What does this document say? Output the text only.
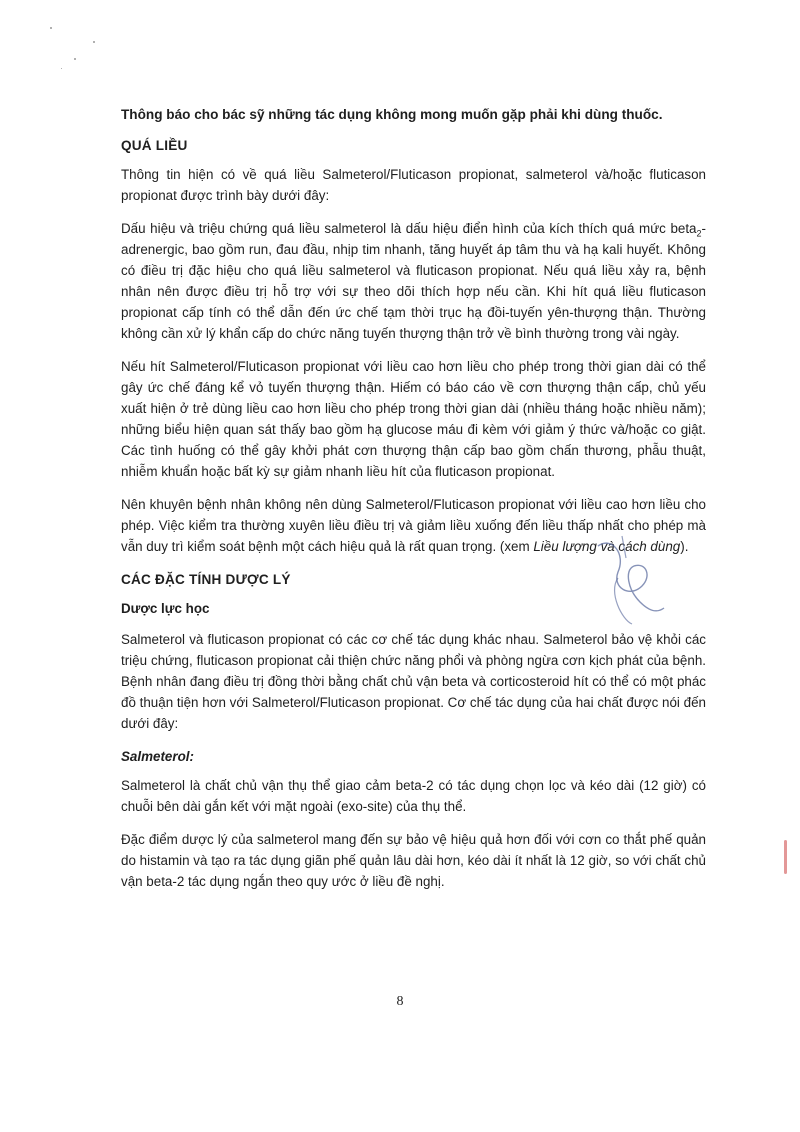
Thông báo cho bác sỹ những tác dụng không mong muốn gặp phải khi dùng thuốc.

QUÁ LIỀU

Thông tin hiện có về quá liều Salmeterol/Fluticason propionat, salmeterol và/hoặc fluticason propionat được trình bày dưới đây:

Dấu hiệu và triệu chứng quá liều salmeterol là dấu hiệu điển hình của kích thích quá mức beta$_2$-adrenergic, bao gồm run, đau đầu, nhịp tim nhanh, tăng huyết áp tâm thu và hạ kali huyết. Không có điều trị đặc hiệu cho quá liều salmeterol và fluticason propionat. Nếu quá liều xảy ra, bệnh nhân nên được điều trị hỗ trợ với sự theo dõi thích hợp nếu cần. Khi hít quá liều fluticason propionat cấp tính có thể dẫn đến ức chế tạm thời trục hạ đồi-tuyến yên-thượng thận. Thường không cần xử lý khẩn cấp do chức năng tuyến thượng thận trở về bình thường trong vài ngày.

Nếu hít Salmeterol/Fluticason propionat với liều cao hơn liều cho phép trong thời gian dài có thể gây ức chế đáng kể vỏ tuyến thượng thận. Hiếm có báo cáo về cơn thượng thận cấp, chủ yếu xuất hiện ở trẻ dùng liều cao hơn liều cho phép trong thời gian dài (nhiều tháng hoặc nhiều năm); những biểu hiện quan sát thấy bao gồm hạ glucose máu đi kèm với giảm ý thức và/hoặc co giật. Các tình huống có thể gây khởi phát cơn thượng thận cấp bao gồm chấn thương, phẫu thuật, nhiễm khuẩn hoặc bất kỳ sự giảm nhanh liều hít của fluticason propionat.

Nên khuyên bệnh nhân không nên dùng Salmeterol/Fluticason propionat với liều cao hơn liều cho phép. Việc kiểm tra thường xuyên liều điều trị và giảm liều xuống đến liều thấp nhất cho phép mà vẫn duy trì kiểm soát bệnh một cách hiệu quả là rất quan trọng. (xem Liều lượng và cách dùng).

CÁC ĐẶC TÍNH DƯỢC LÝ
Dược lực học

Salmeterol và fluticason propionat có các cơ chế tác dụng khác nhau. Salmeterol bảo vệ khỏi các triệu chứng, fluticason propionat cải thiện chức năng phổi và phòng ngừa cơn kịch phát của bệnh. Bệnh nhân đang điều trị đồng thời bằng chất chủ vận beta và corticosteroid hít có thể có một phác đồ thuận tiện hơn với Salmeterol/Fluticason propionat. Cơ chế tác dụng của hai chất được nói đến dưới đây:

Salmeterol:

Salmeterol là chất chủ vận thụ thể giao cảm beta-2 có tác dụng chọn lọc và kéo dài (12 giờ) có chuỗi bên dài gắn kết với mặt ngoài (exo-site) của thụ thể.

Đặc điểm dược lý của salmeterol mang đến sự bảo vệ hiệu quả hơn đối với cơn co thắt phế quản do histamin và tạo ra tác dụng giãn phế quản lâu dài hơn, kéo dài ít nhất là 12 giờ, so với chất chủ vận beta-2 tác dụng ngắn theo quy ước ở liều đề nghị.

8
